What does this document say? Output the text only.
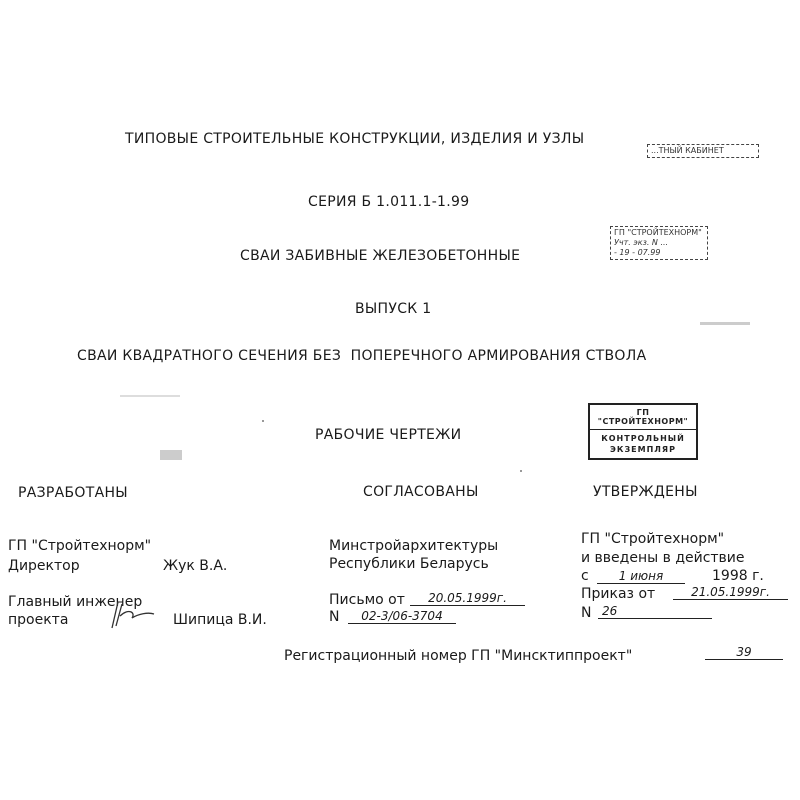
ТИПОВЫЕ СТРОИТЕЛЬНЫЕ КОНСТРУКЦИИ, ИЗДЕЛИЯ И УЗЛЫ
...ТНЫЙ КАБИНЕТ
СЕРИЯ Б 1.011.1-1.99
ГП "СТРОЙТЕХНОРМ"
Учт. экз. N ...
- 19 - 07.99
СВАИ ЗАБИВНЫЕ ЖЕЛЕЗОБЕТОННЫЕ
ВЫПУСК 1
СВАИ КВАДРАТНОГО СЕЧЕНИЯ БЕЗ  ПОПЕРЕЧНОГО АРМИРОВАНИЯ СТВОЛА
ГП "СТРОЙТЕХНОРМ"
КОНТРОЛЬНЫЙ
ЭКЗЕМПЛЯР
РАБОЧИЕ ЧЕРТЕЖИ
РАЗРАБОТАНЫ	СОГЛАСОВАНЫ	УТВЕРЖДЕНЫ
ГП "Стройтехнорм"
Директор	Жук В.А.
Главный инженер
проекта	Шипица В.И.
Минстройархитектуры
Республики Беларусь
Письмо от	20.05.1999г.
N	02-3/06-3704
ГП "Стройтехнорм"
и введены в действие
с	1 июня	1998 г.
Приказ от	21.05.1999г.
N 26
Регистрационный номер ГП "Минсктиппроект"	39
